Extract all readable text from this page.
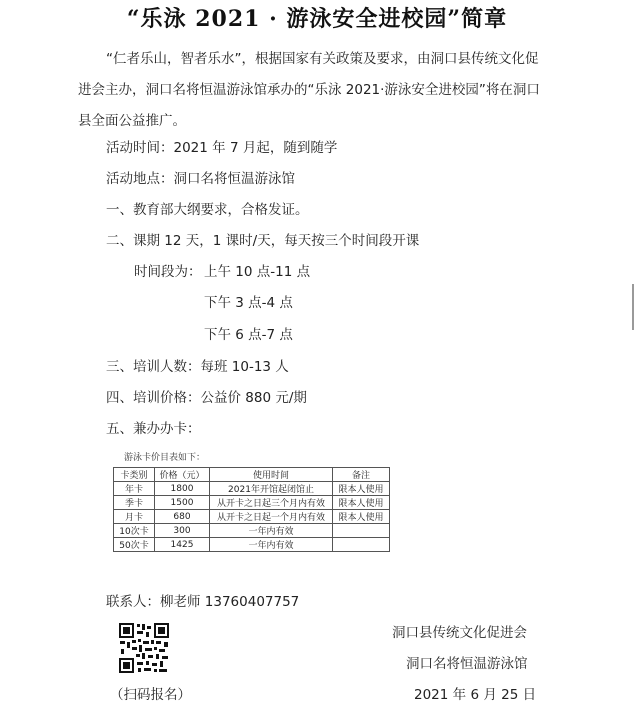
“乐泳 2021 · 游泳安全进校园”简章
“仁者乐山，智者乐水”，根据国家有关政策及要求，由洞口县传统文化促进会主办，洞口名将恒温游泳馆承办的“乐泳 2021·游泳安全进校园”将在洞口县全面公益推广。
活动时间：2021 年 7 月起，随到随学
活动地点：洞口名将恒温游泳馆
一、教育部大纲要求，合格发证。
二、课期 12 天，1 课时/天，每天按三个时间段开课
时间段为： 上午 10 点-11 点
下午 3 点-4 点
下午 6 点-7 点
三、培训人数：每班 10-13 人
四、培训价格：公益价 880 元/期
五、兼办办卡：
游泳卡价目表如下：
卡类别	价格（元）	使用时间	备注
年卡	1800	2021年开馆起闭馆止	限本人使用
季卡	1500	从开卡之日起三个月内有效	限本人使用
月卡	680	从开卡之日起一个月内有效	限本人使用
10次卡	300	一年内有效	
50次卡	1425	一年内有效	
联系人：柳老师 13760407757
洞口县传统文化促进会
洞口名将恒温游泳馆
（扫码报名）	2021 年 6 月 25 日
